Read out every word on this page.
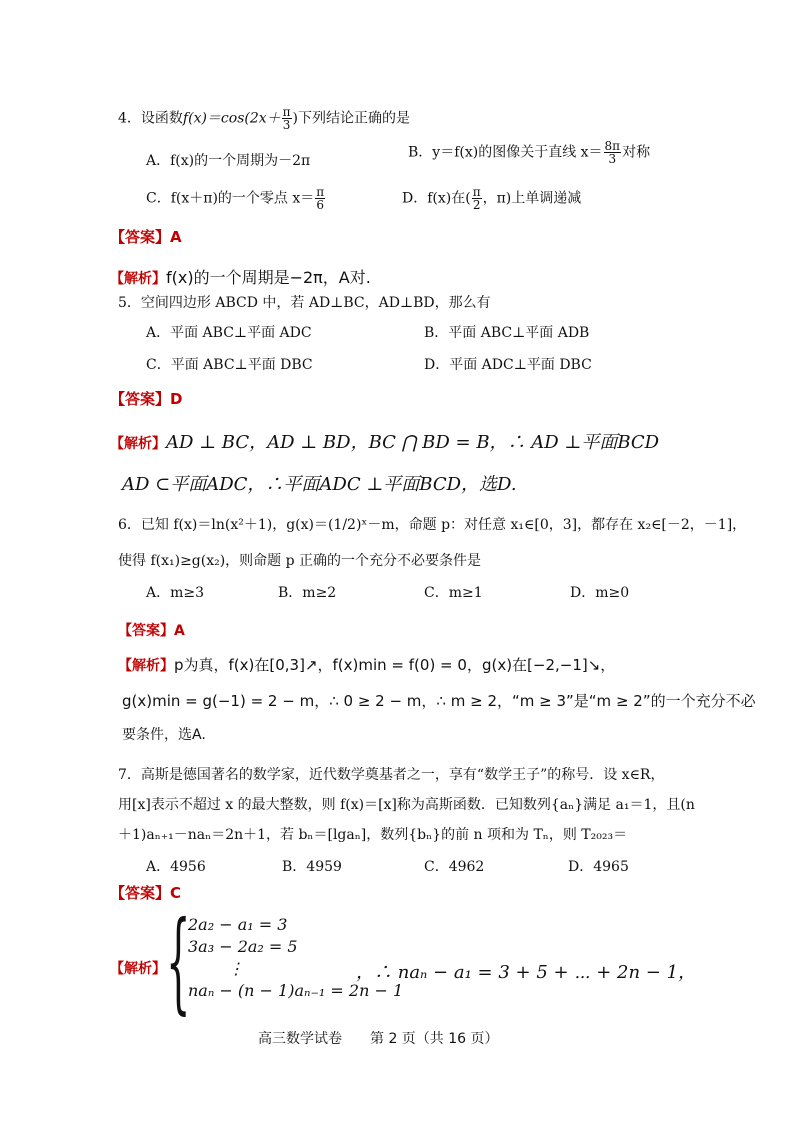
4．设函数$f(x)=\cos(2x+ \frac{\pi}{3}$ )下列结论正确的是
A．f(x)的一个周期为－2π
B．y＝f(x)的图像关于直线 $x= \frac{8\pi}{3}$ 对称
C．f(x＋π)的一个零点 $x= \frac{\pi}{6}$	D．f(x)在( $\frac{\pi}{2}$ ，π)上单调递减
【答案】A
【解析】f(x)的一个周期是−2π，A对.
5．空间四边形 ABCD 中，若 AD⊥BC，AD⊥BD，那么有
A．平面 ABC⊥平面 ADC	B．平面 ABC⊥平面 ADB
C．平面 ABC⊥平面 DBC	D．平面 ADC⊥平面 DBC
【答案】D
【解析】AD ⊥ BC，AD ⊥ BD，BC ⋂ BD = B，∴ AD ⊥平面BCD
AD ⊂平面ADC，∴平面ADC ⊥平面BCD，选D.
6．已知 f(x)＝ln(x²＋1)，g(x)＝(1/2)ˣ－m，命题 p：对任意 x₁∈[0，3]，都存在 x₂∈[－2，－1]，
使得 f(x₁)≥g(x₂)，则命题 p 正确的一个充分不必要条件是
A．m≥3	B．m≥2	C．m≥1	D．m≥0
【答案】A
【解析】p为真，f(x)在[0,3]↗，f(x)min = f(0) = 0，g(x)在[−2,−1]↘，
g(x)min = g(−1) = 2 − m，∴ 0 ≥ 2 − m，∴ m ≥ 2，“m ≥ 3”是“m ≥ 2”的一个充分不必
要条件，选A.
7．高斯是德国著名的数学家，近代数学奠基者之一，享有“数学王子”的称号．设 x∈R，
用[x]表示不超过 x 的最大整数，则 f(x)＝[x]称为高斯函数．已知数列{aₙ}满足 a₁＝1，且(n
＋1)aₙ₊₁－naₙ＝2n＋1，若 bₙ＝[lgaₙ]，数列{bₙ}的前 n 项和为 Tₙ，则 T₂₀₂₃＝
A．4956	B．4959	C．4962	D．4965
【答案】C
【解析】 {
2a₂ − a₁ = 3
3a₃ − 2a₂ = 5
⋮
naₙ − (n − 1)aₙ₋₁ = 2n − 1
，∴ naₙ − a₁ = 3 + 5 + ⋯ + 2n − 1，
高三数学试卷　　第 2 页（共 16 页）
